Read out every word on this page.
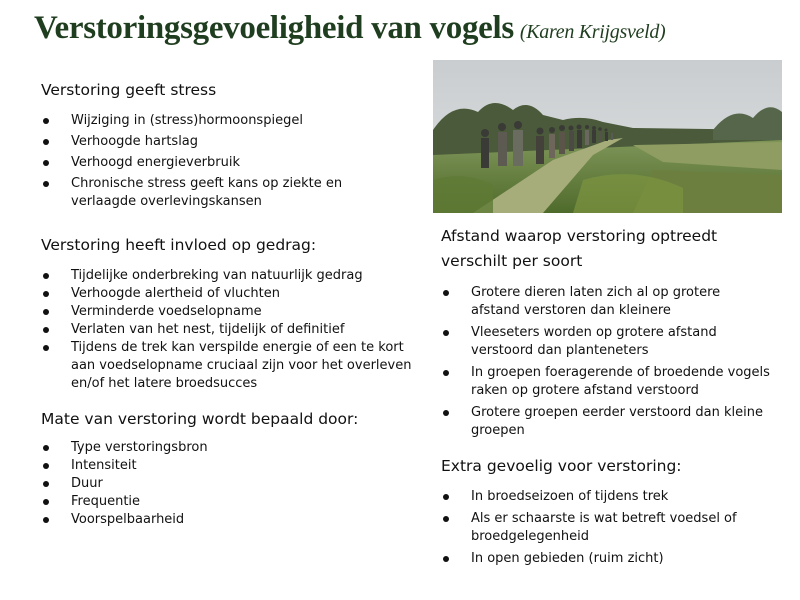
Verstoringsgevoeligheid van vogels (Karen Krijgsveld)
Verstoring geeft stress
Wijziging in (stress)hormoonspiegel
Verhoogde hartslag
Verhoogd energieverbruik
Chronische stress geeft kans op ziekte en verlaagde overlevingskansen
Verstoring heeft invloed op gedrag:
Tijdelijke onderbreking van natuurlijk gedrag
Verhoogde alertheid of vluchten
Verminderde voedselopname
Verlaten van het nest, tijdelijk of definitief
Tijdens de trek kan verspilde energie of een te kort aan voedselopname cruciaal zijn voor het overleven en/of het latere broedsucces
Mate van verstoring wordt bepaald door:
Type verstoringsbron
Intensiteit
Duur
Frequentie
Voorspelbaarheid
Afstand waarop verstoring optreedt verschilt per soort
Grotere dieren laten zich al op grotere afstand verstoren dan kleinere
Vleeseters worden op grotere afstand verstoord dan planteneters
In groepen foeragerende of broedende vogels raken op grotere afstand verstoord
Grotere groepen eerder verstoord dan kleine groepen
Extra gevoelig voor verstoring:
In broedseizoen of tijdens trek
Als er schaarste is wat betreft voedsel of broedgelegenheid
In open gebieden (ruim zicht)
